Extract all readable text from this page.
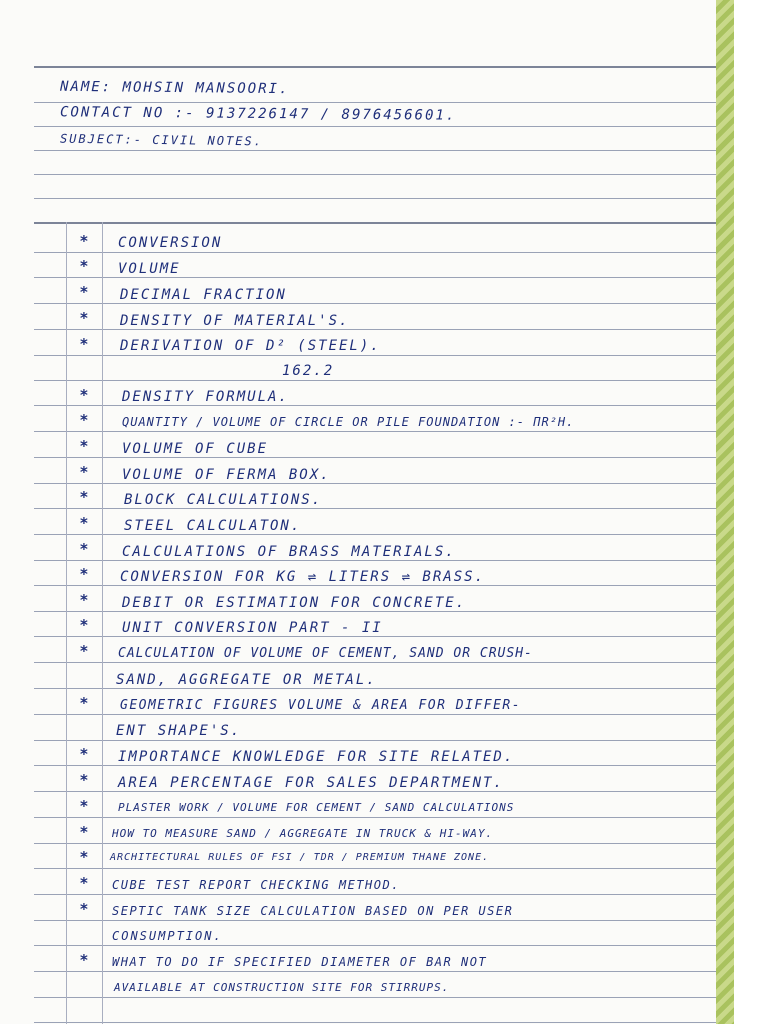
NAME: MOHSIN MANSOORI.
CONTACT NO :- 9137226147 / 8976456601.
SUBJECT:- CIVIL NOTES.
*
*
*
*
*
*
*
*
*
*
*
*
*
*
*
*
*
*
*
*
*
*
*
*
*
CONVERSION
VOLUME
DECIMAL FRACTION
DENSITY OF MATERIAL'S.
DERIVATION OF D² (STEEL).
162.2
DENSITY FORMULA.
QUANTITY / VOLUME OF CIRCLE OR PILE FOUNDATION :- ΠR²H.
VOLUME OF CUBE
VOLUME OF FERMA BOX.
BLOCK CALCULATIONS.
STEEL CALCULATON.
CALCULATIONS OF BRASS MATERIALS.
CONVERSION FOR KG ⇌ LITERS ⇌ BRASS.
DEBIT OR ESTIMATION FOR CONCRETE.
UNIT CONVERSION PART - II
CALCULATION OF VOLUME OF CEMENT, SAND OR CRUSH-
SAND, AGGREGATE OR METAL.
GEOMETRIC FIGURES VOLUME & AREA FOR DIFFER-
ENT SHAPE'S.
IMPORTANCE KNOWLEDGE FOR SITE RELATED.
AREA PERCENTAGE FOR SALES DEPARTMENT.
PLASTER WORK / VOLUME FOR CEMENT / SAND CALCULATIONS
HOW TO MEASURE SAND / AGGREGATE IN TRUCK & HI-WAY.
ARCHITECTURAL RULES OF FSI / TDR / PREMIUM THANE ZONE.
CUBE TEST REPORT CHECKING METHOD.
SEPTIC TANK SIZE CALCULATION BASED ON PER USER
CONSUMPTION.
WHAT TO DO IF SPECIFIED DIAMETER OF BAR NOT
AVAILABLE AT CONSTRUCTION SITE FOR STIRRUPS.
